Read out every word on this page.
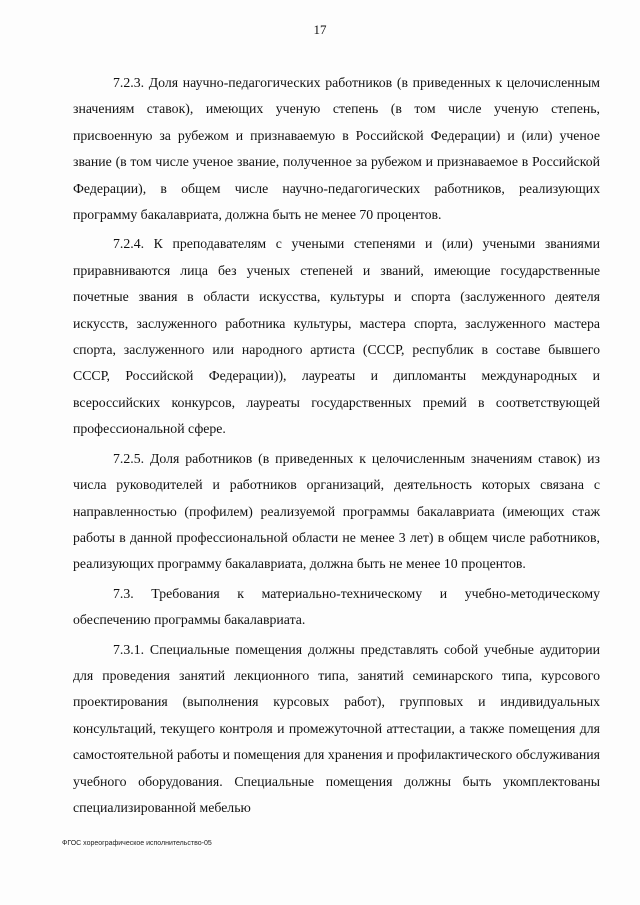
17

7.2.3. Доля научно-педагогических работников (в приведенных к целочисленным значениям ставок), имеющих ученую степень (в том числе ученую степень, присвоенную за рубежом и признаваемую в Российской Федерации) и (или) ученое звание (в том числе ученое звание, полученное за рубежом и признаваемое в Российской Федерации), в общем числе научно-педагогических работников, реализующих программу бакалавриата, должна быть не менее 70 процентов.

7.2.4. К преподавателям с учеными степенями и (или) учеными званиями приравниваются лица без ученых степеней и званий, имеющие государственные почетные звания в области искусства, культуры и спорта (заслуженного деятеля искусств, заслуженного работника культуры, мастера спорта, заслуженного мастера спорта, заслуженного или народного артиста (СССР, республик в составе бывшего СССР, Российской Федерации)), лауреаты и дипломанты международных и всероссийских конкурсов, лауреаты государственных премий в соответствующей профессиональной сфере.

7.2.5. Доля работников (в приведенных к целочисленным значениям ставок) из числа руководителей и работников организаций, деятельность которых связана с направленностью (профилем) реализуемой программы бакалавриата (имеющих стаж работы в данной профессиональной области не менее 3 лет) в общем числе работников, реализующих программу бакалавриата, должна быть не менее 10 процентов.

7.3. Требования к материально-техническому и учебно-методическому обеспечению программы бакалавриата.

7.3.1. Специальные помещения должны представлять собой учебные аудитории для проведения занятий лекционного типа, занятий семинарского типа, курсового проектирования (выполнения курсовых работ), групповых и индивидуальных консультаций, текущего контроля и промежуточной аттестации, а также помещения для самостоятельной работы и помещения для хранения и профилактического обслуживания учебного оборудования. Специальные помещения должны быть укомплектованы специализированной мебелью

ФГОС хореографическое исполнительство-05
